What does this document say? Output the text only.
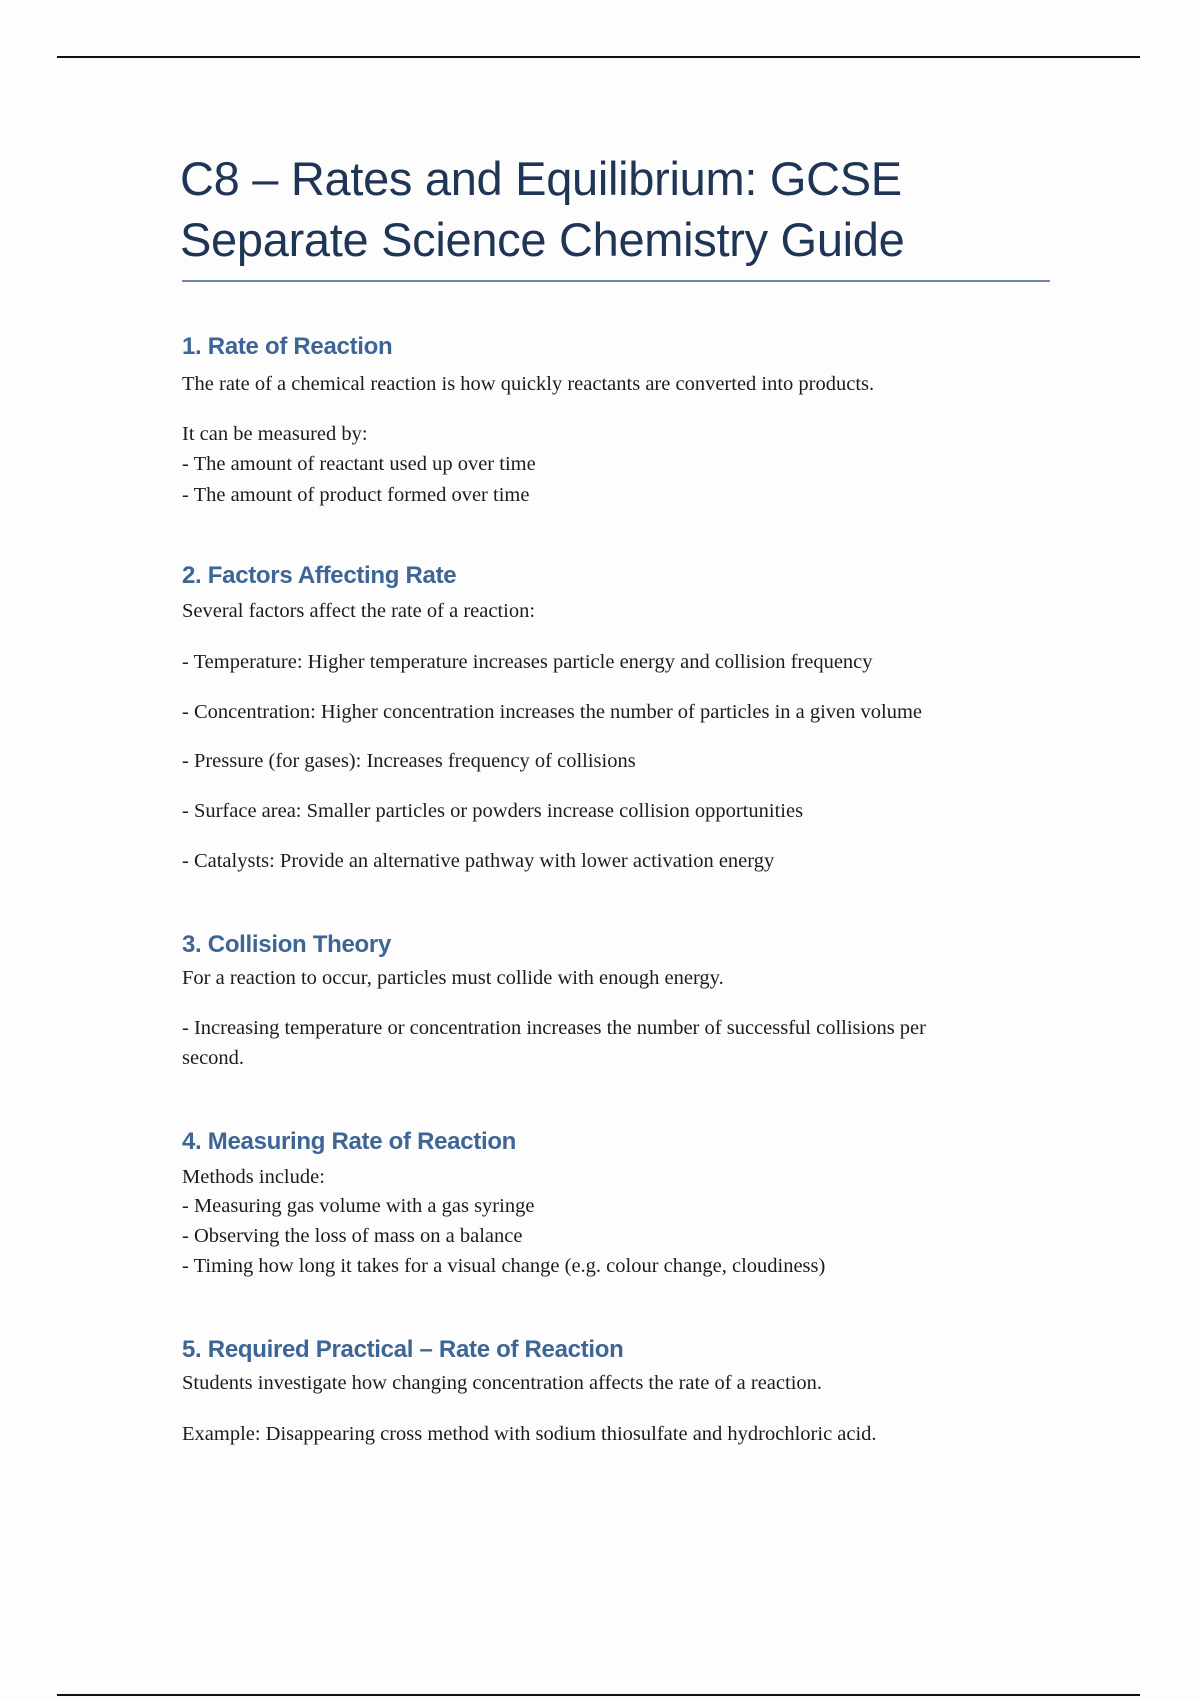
C8 – Rates and Equilibrium: GCSE
Separate Science Chemistry Guide
1. Rate of Reaction
The rate of a chemical reaction is how quickly reactants are converted into products.
It can be measured by:
- The amount of reactant used up over time
- The amount of product formed over time
2. Factors Affecting Rate
Several factors affect the rate of a reaction:
- Temperature: Higher temperature increases particle energy and collision frequency
- Concentration: Higher concentration increases the number of particles in a given volume
- Pressure (for gases): Increases frequency of collisions
- Surface area: Smaller particles or powders increase collision opportunities
- Catalysts: Provide an alternative pathway with lower activation energy
3. Collision Theory
For a reaction to occur, particles must collide with enough energy.
- Increasing temperature or concentration increases the number of successful collisions per
second.
4. Measuring Rate of Reaction
Methods include:
- Measuring gas volume with a gas syringe
- Observing the loss of mass on a balance
- Timing how long it takes for a visual change (e.g. colour change, cloudiness)
5. Required Practical – Rate of Reaction
Students investigate how changing concentration affects the rate of a reaction.
Example: Disappearing cross method with sodium thiosulfate and hydrochloric acid.
